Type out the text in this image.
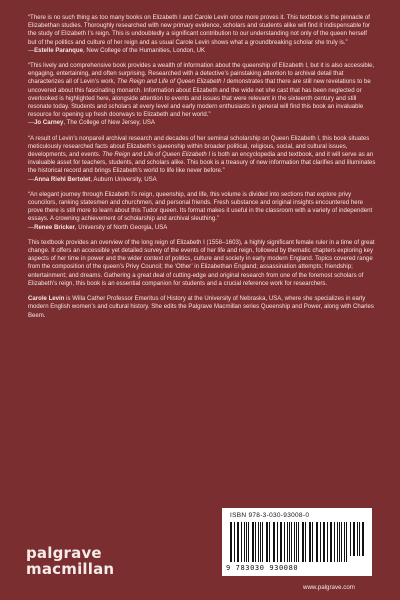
“There is no such thing as too many books on Elizabeth I and Carole Levin once more proves it. This textbook is the pinnacle of Elizabethan studies. Thoroughly researched with new primary evidence, scholars and students alike will find it indispensable for the study of Elizabeth I’s reign. This is undoubtedly a significant contribution to our understanding not only of the queen herself but of the politics and culture of her reign and as usual Carole Levin shows what a groundbreaking scholar she truly is.”

—Estelle Paranque, New College of the Humanities, London, UK

“This lively and comprehensive book provides a wealth of information about the queenship of Elizabeth I, but it is also accessible, engaging, entertaining, and often surprising. Researched with a detective’s painstaking attention to archival detail that characterizes all of Levin’s work, The Reign and Life of Queen Elizabeth I demonstrates that there are still new revelations to be uncovered about this fascinating monarch. Information about Elizabeth and the wide net she cast that has been neglected or overlooked is highlighted here, alongside attention to events and issues that were relevant in the sixteenth century and still resonate today. Students and scholars at every level and early modern enthusiasts in general will find this book an invaluable resource for opening up fresh doorways to Elizabeth and her world.”

—Jo Carney, The College of New Jersey, USA

“A result of Levin’s nonpareil archival research and decades of her seminal scholarship on Queen Elizabeth I, this book situates meticulously researched facts about Elizabeth’s queenship within broader political, religious, social, and cultural issues, developments, and events. The Reign and Life of Queen Elizabeth I is both an encyclopedia and textbook, and it will serve as an invaluable asset for teachers, students, and scholars alike. This book is a treasury of new information that clarifies and illuminates the historical record and brings Elizabeth’s world to life like never before.”

—Anna Riehl Bertolet, Auburn University, USA

“An elegant journey through Elizabeth I’s reign, queenship, and life, this volume is divided into sections that explore privy councilors, ranking statesmen and churchmen, and personal friends. Fresh substance and original insights encountered here prove there is still more to learn about this Tudor queen. Its format makes it useful in the classroom with a variety of independent essays. A crowning achievement of scholarship and archival sleuthing.”

—Renee Bricker, University of North Georgia, USA

This textbook provides an overview of the long reign of Elizabeth I (1558–1603), a highly significant female ruler in a time of great change. It offers an accessible yet detailed survey of the events of her life and reign, followed by thematic chapters exploring key aspects of her time in power and the wider context of politics, culture and society in early modern England. Topics covered range from the composition of the queen’s Privy Council; the ‘Other’ in Elizabethan England; assassination attempts; friendship; entertainment; and dreams. Gathering a great deal of cutting-edge and original research from one of the foremost scholars of Elizabeth’s reign, this book is an essential companion for students and a crucial reference work for researchers.

Carole Levin is Willa Cather Professor Emeritus of History at the University of Nebraska, USA, where she specializes in early modern English women’s and cultural history. She edits the Palgrave Macmillan series Queenship and Power, along with Charles Beem.

palgrave
macmillan
ISBN 978-3-030-93008-0
9 783030 930080
www.palgrave.com
